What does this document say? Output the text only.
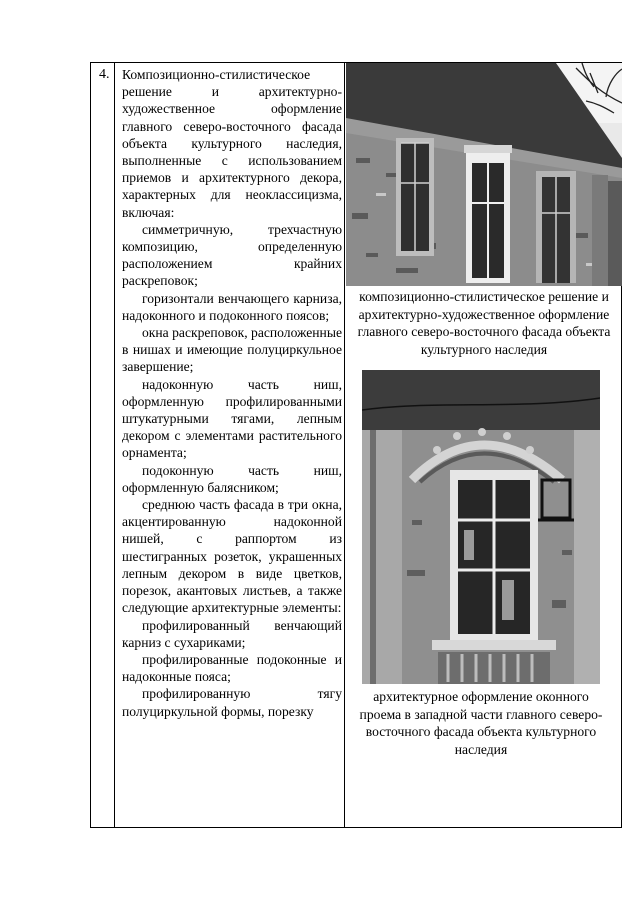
4. Композиционно-стилистическое решение и архитектурно-художественное оформление главного северо-восточного фасада объекта культурного наследия, выполненные с использованием приемов и архитектурного декора, характерных для неоклассицизма, включая:

симметричную, трехчастную композицию, определенную расположением крайних раскреповок;

горизонтали венчающего карниза, надоконного и подоконного поясов;

окна раскреповок, расположенные в нишах и имеющие полуциркульное завершение;

надоконную часть ниш, оформленную профилированными штукатурными тягами, лепным декором с элементами растительного орнамента;

подоконную часть ниш, оформленную балясником;

среднюю часть фасада в три окна, акцентированную надоконной нишей, с раппортом из шестигранных розеток, украшенных лепным декором в виде цветков, порезок, акантовых листьев, а также следующие архитектурные элементы:

профилированный венчающий карниз с сухариками;

профилированные подоконные и надоконные пояса;

профилированную тягу полуциркульной формы, порезку

композиционно-стилистическое решение и архитектурно-художественное оформление главного северо-восточного фасада объекта культурного наследия
архитектурное оформление оконного проема в западной части главного северо-восточного фасада объекта культурного наследия
